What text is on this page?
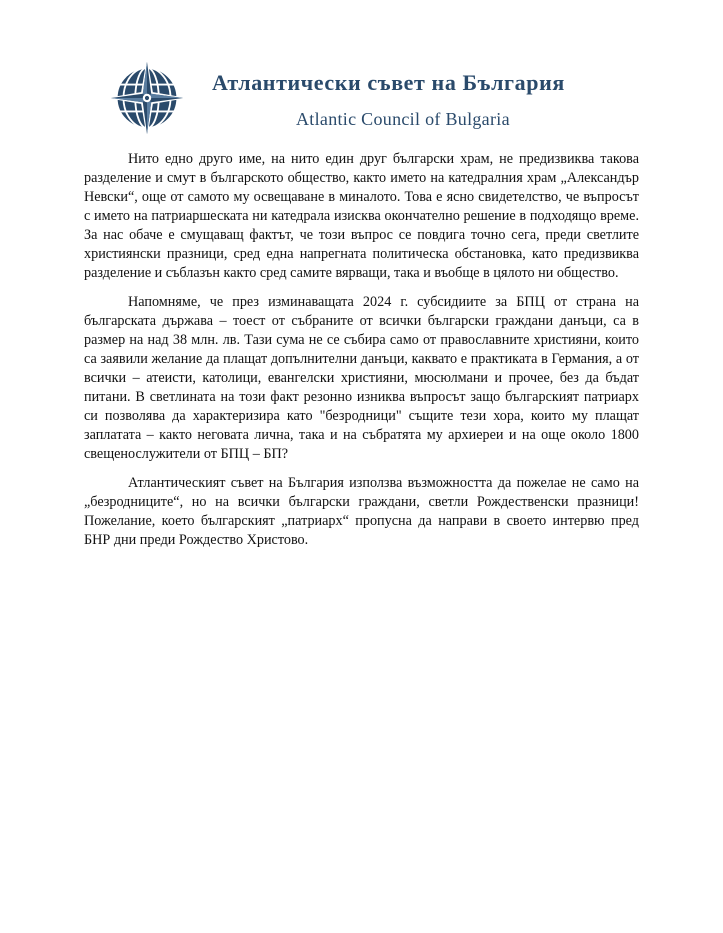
Атлантически съвет на България
Atlantic Council of Bulgaria

Нито едно друго име, на нито един друг български храм, не предизвиква такова разделение и смут в българското общество, както името на катедралния храм „Александър Невски“, още от самото му освещаване в миналото. Това е ясно свидетелство, че въпросът с името на патриаршеската ни катедрала изисква окончателно решение в подходящо време. За нас обаче е смущаващ фактът, че този въпрос се повдига точно сега, преди светлите християнски празници, сред една напрегната политическа обстановка, като предизвиква разделение и съблазън както сред самите вярващи, така и въобще в цялото ни общество.

Напомняме, че през изминаващата 2024 г. субсидиите за БПЦ от страна на българската държава – тоест от събраните от всички български граждани данъци, са в размер на над 38 млн. лв. Тази сума не се събира само от православните християни, които са заявили желание да плащат допълнителни данъци, каквато е практиката в Германия, а от всички – атеисти, католици, евангелски християни, мюсюлмани и прочее, без да бъдат питани. В светлината на този факт резонно изниква въпросът защо българският патриарх си позволява да характеризира като "безродници" същите тези хора, които му плащат заплатата – както неговата лична, така и на събратята му архиереи и на още около 1800 свещенослужители от БПЦ – БП?

Атлантическият съвет на България използва възможността да пожелае не само на „безродниците“, но на всички български граждани, светли Рождественски празници! Пожелание, което българският „патриарх“ пропусна да направи в своето интервю пред БНР дни преди Рождество Христово.
